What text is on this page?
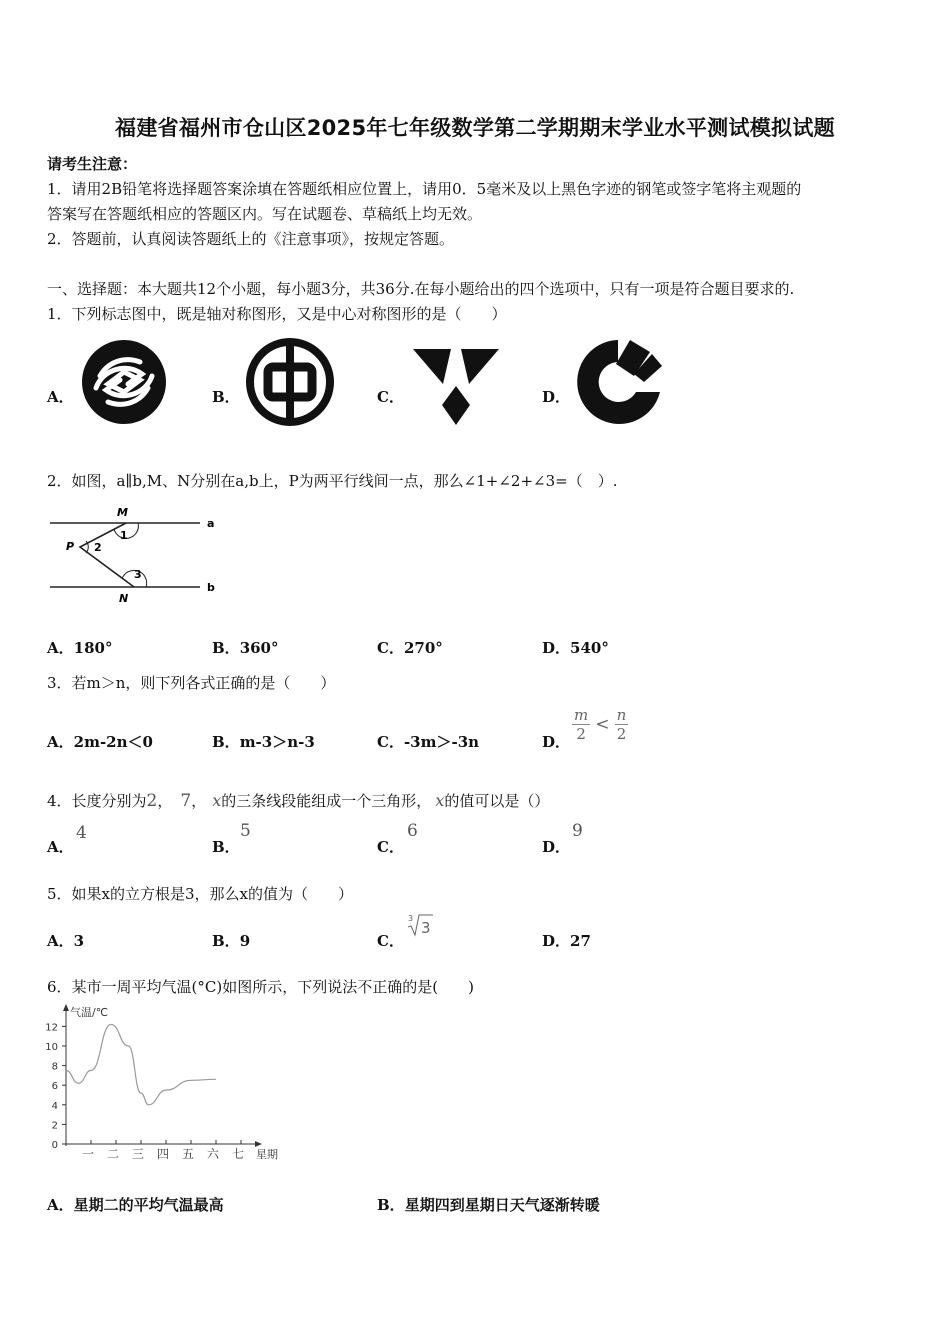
福建省福州市仓山区2025年七年级数学第二学期期末学业水平测试模拟试题
请考生注意：
1．请用2B铅笔将选择题答案涂填在答题纸相应位置上，请用0．5毫米及以上黑色字迹的钢笔或签字笔将主观题的
答案写在答题纸相应的答题区内。写在试题卷、草稿纸上均无效。
2．答题前，认真阅读答题纸上的《注意事项》，按规定答题。
一、选择题：本大题共12个小题，每小题3分，共36分.在每小题给出的四个选项中，只有一项是符合题目要求的.
1．下列标志图中，既是轴对称图形，又是中心对称图形的是（　　）
A．	B．	C．	D．
2．如图，a∥b,M、N分别在a,b上，P为两平行线间一点，那么∠1+∠2+∠3=（　）.
M
N
P
a
b
1
2
3
A．180°	B．360°	C．270°	D．540°
3．若m＞n，则下列各式正确的是（　　）
A．2m-2n＜0	B．m-3＞n-3	C．-3m＞-3n	D． $\frac{m}{2} < \frac{n}{2}$
4．长度分别为2， 7， x的三条线段能组成一个三角形， x的值可以是（）
A．
4
B．
5
C．
6
D．
9
5．如果x的立方根是3，那么x的值为（　　）
A．3	B．9	C．
3
3
D．27
6．某市一周平均气温(°C)如图所示，下列说法不正确的是(　　)
气温/℃
星期
0
2
4
6
8
10
12
一 二 三 四 五 六 七
A．星期二的平均气温最高	B．星期四到星期日天气逐渐转暖
